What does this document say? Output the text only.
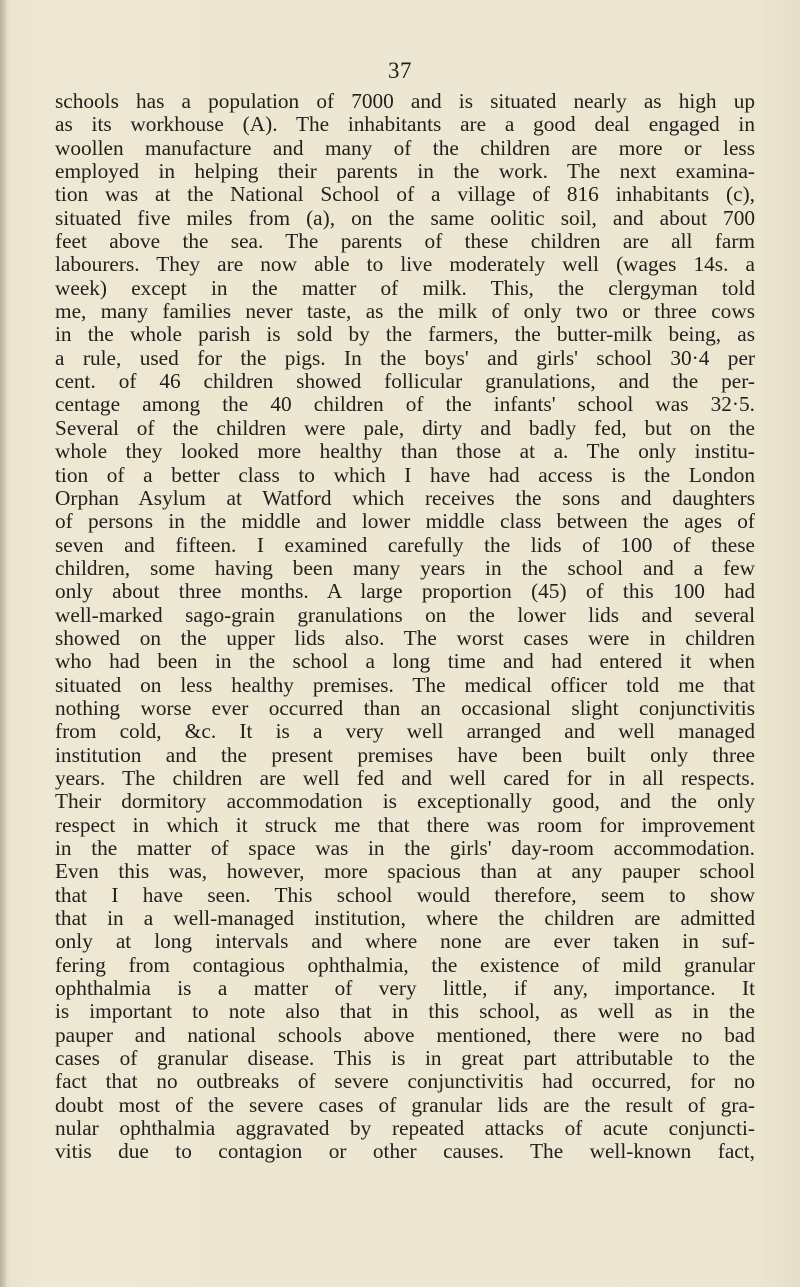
37
schools has a population of 7000 and is situated nearly as high up
as its workhouse (A). The inhabitants are a good deal engaged in
woollen manufacture and many of the children are more or less
employed in helping their parents in the work. The next examina-
tion was at the National School of a village of 816 inhabitants (c),
situated five miles from (a), on the same oolitic soil, and about 700
feet above the sea. The parents of these children are all farm
labourers. They are now able to live moderately well (wages 14s. a
week) except in the matter of milk. This, the clergyman told
me, many families never taste, as the milk of only two or three cows
in the whole parish is sold by the farmers, the butter-milk being, as
a rule, used for the pigs. In the boys' and girls' school 30·4 per
cent. of 46 children showed follicular granulations, and the per-
centage among the 40 children of the infants' school was 32·5.
Several of the children were pale, dirty and badly fed, but on the
whole they looked more healthy than those at a. The only institu-
tion of a better class to which I have had access is the London
Orphan Asylum at Watford which receives the sons and daughters
of persons in the middle and lower middle class between the ages of
seven and fifteen. I examined carefully the lids of 100 of these
children, some having been many years in the school and a few
only about three months. A large proportion (45) of this 100 had
well-marked sago-grain granulations on the lower lids and several
showed on the upper lids also. The worst cases were in children
who had been in the school a long time and had entered it when
situated on less healthy premises. The medical officer told me that
nothing worse ever occurred than an occasional slight conjunctivitis
from cold, &c. It is a very well arranged and well managed
institution and the present premises have been built only three
years. The children are well fed and well cared for in all respects.
Their dormitory accommodation is exceptionally good, and the only
respect in which it struck me that there was room for improvement
in the matter of space was in the girls' day-room accommodation.
Even this was, however, more spacious than at any pauper school
that I have seen. This school would therefore, seem to show
that in a well-managed institution, where the children are admitted
only at long intervals and where none are ever taken in suf-
fering from contagious ophthalmia, the existence of mild granular
ophthalmia is a matter of very little, if any, importance. It
is important to note also that in this school, as well as in the
pauper and national schools above mentioned, there were no bad
cases of granular disease. This is in great part attributable to the
fact that no outbreaks of severe conjunctivitis had occurred, for no
doubt most of the severe cases of granular lids are the result of gra-
nular ophthalmia aggravated by repeated attacks of acute conjuncti-
vitis due to contagion or other causes. The well-known fact,
